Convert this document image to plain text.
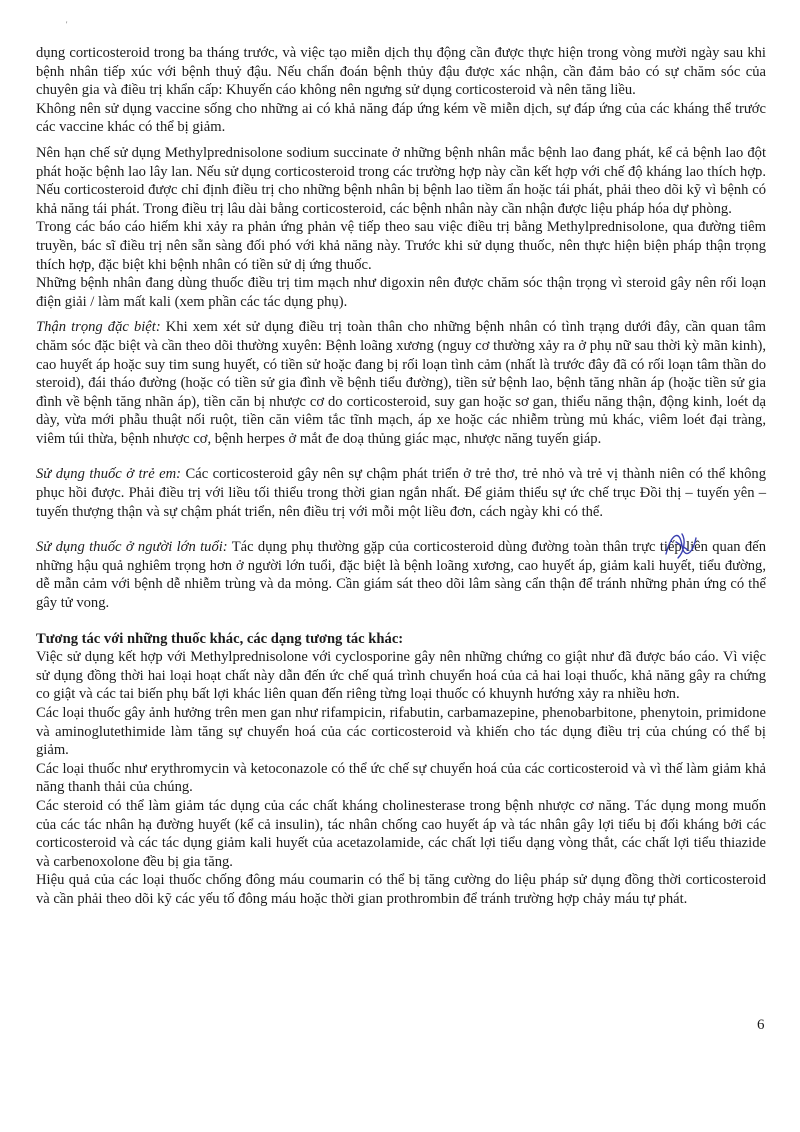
'

dụng corticosteroid trong ba tháng trước, và việc tạo miễn dịch thụ động cần được thực hiện trong vòng mười ngày sau khi bệnh nhân tiếp xúc với bệnh thuỷ đậu. Nếu chẩn đoán bệnh thủy đậu được xác nhận, cần đảm bảo có sự chăm sóc của chuyên gia và điều trị khẩn cấp: Khuyến cáo không nên ngưng sử dụng corticosteroid và nên tăng liều.

Không nên sử dụng vaccine sống cho những ai có khả năng đáp ứng kém về miễn dịch, sự đáp ứng của các kháng thể trước các vaccine khác có thể bị giảm.

Nên hạn chế sử dụng Methylprednisolone sodium succinate ở những bệnh nhân mắc bệnh lao đang phát, kể cả bệnh lao đột phát hoặc bệnh lao lây lan. Nếu sử dụng corticosteroid trong các trường hợp này cần kết hợp với chế độ kháng lao thích hợp. Nếu corticosteroid được chỉ định điều trị cho những bệnh nhân bị bệnh lao tiềm ẩn hoặc tái phát, phải theo dõi kỹ vì bệnh có khả năng tái phát. Trong điều trị lâu dài bằng corticosteroid, các bệnh nhân này cần nhận được liệu pháp hóa dự phòng.

Trong các báo cáo hiếm khi xảy ra phản ứng phản vệ tiếp theo sau việc điều trị bằng Methylprednisolone, qua đường tiêm truyền, bác sĩ điều trị nên sẵn sàng đối phó với khả năng này. Trước khi sử dụng thuốc, nên thực hiện biện pháp thận trọng thích hợp, đặc biệt khi bệnh nhân có tiền sử dị ứng thuốc.

Những bệnh nhân đang dùng thuốc điều trị tim mạch như digoxin nên được chăm sóc thận trọng vì steroid gây nên rối loạn điện giải / làm mất kali (xem phần các tác dụng phụ).

Thận trọng đặc biệt: Khi xem xét sử dụng điều trị toàn thân cho những bệnh nhân có tình trạng dưới đây, cần quan tâm chăm sóc đặc biệt và cần theo dõi thường xuyên: Bệnh loãng xương (nguy cơ thường xảy ra ở phụ nữ sau thời kỳ mãn kinh), cao huyết áp hoặc suy tim sung huyết, có tiền sử hoặc đang bị rối loạn tình cảm (nhất là trước đây đã có rối loạn tâm thần do steroid), đái tháo đường (hoặc có tiền sử gia đình về bệnh tiểu đường), tiền sử bệnh lao, bệnh tăng nhãn áp (hoặc tiền sử gia đình về bệnh tăng nhãn áp), tiền căn bị nhược cơ do corticosteroid, suy gan hoặc sơ gan, thiểu năng thận, động kinh, loét dạ dày, vừa mới phẫu thuật nối ruột, tiền căn viêm tắc tĩnh mạch, áp xe hoặc các nhiễm trùng mủ khác, viêm loét đại tràng, viêm túi thừa, bệnh nhược cơ, bệnh herpes ở mắt đe doạ thủng giác mạc, nhược năng tuyến giáp.

Sử dụng thuốc ở trẻ em: Các corticosteroid gây nên sự chậm phát triển ở trẻ thơ, trẻ nhỏ và trẻ vị thành niên có thể không phục hồi được. Phải điều trị với liều tối thiểu trong thời gian ngắn nhất. Để giảm thiểu sự ức chế trục Đồi thị – tuyến yên – tuyến thượng thận và sự chậm phát triển, nên điều trị với mỗi một liều đơn, cách ngày khi có thể.

Sử dụng thuốc ở người lớn tuổi: Tác dụng phụ thường gặp của corticosteroid dùng đường toàn thân trực tiếp liên quan đến những hậu quả nghiêm trọng hơn ở người lớn tuổi, đặc biệt là bệnh loãng xương, cao huyết áp, giảm kali huyết, tiểu đường, dễ mẫn cảm với bệnh dễ nhiễm trùng và da mỏng. Cần giám sát theo dõi lâm sàng cẩn thận để tránh những phản ứng có thể gây tử vong.

Tương tác với những thuốc khác, các dạng tương tác khác:

Việc sử dụng kết hợp với Methylprednisolone với cyclosporine gây nên những chứng co giật như đã được báo cáo. Vì việc sử dụng đồng thời hai loại hoạt chất này dẫn đến ức chế quá trình chuyển hoá của cả hai loại thuốc, khả năng gây ra chứng co giật và các tai biến phụ bất lợi khác liên quan đến riêng từng loại thuốc có khuynh hướng xảy ra nhiều hơn.

Các loại thuốc gây ảnh hưởng trên men gan như rifampicin, rifabutin, carbamazepine, phenobarbitone, phenytoin, primidone và aminoglutethimide làm tăng sự chuyển hoá của các corticosteroid và khiến cho tác dụng điều trị của chúng có thể bị giảm.

Các loại thuốc như erythromycin và ketoconazole có thể ức chế sự chuyển hoá của các corticosteroid và vì thế làm giảm khả năng thanh thải của chúng.

Các steroid có thể làm giảm tác dụng của các chất kháng cholinesterase trong bệnh nhược cơ năng. Tác dụng mong muốn của các tác nhân hạ đường huyết (kể cả insulin), tác nhân chống cao huyết áp và tác nhân gây lợi tiểu bị đối kháng bởi các corticosteroid và các tác dụng giảm kali huyết của acetazolamide, các chất lợi tiểu dạng vòng thắt, các chất lợi tiểu thiazide và carbenoxolone đều bị gia tăng.

Hiệu quả của các loại thuốc chống đông máu coumarin có thể bị tăng cường do liệu pháp sử dụng đồng thời corticosteroid và cần phải theo dõi kỹ các yếu tố đông máu hoặc thời gian prothrombin để tránh trường hợp chảy máu tự phát.

6
